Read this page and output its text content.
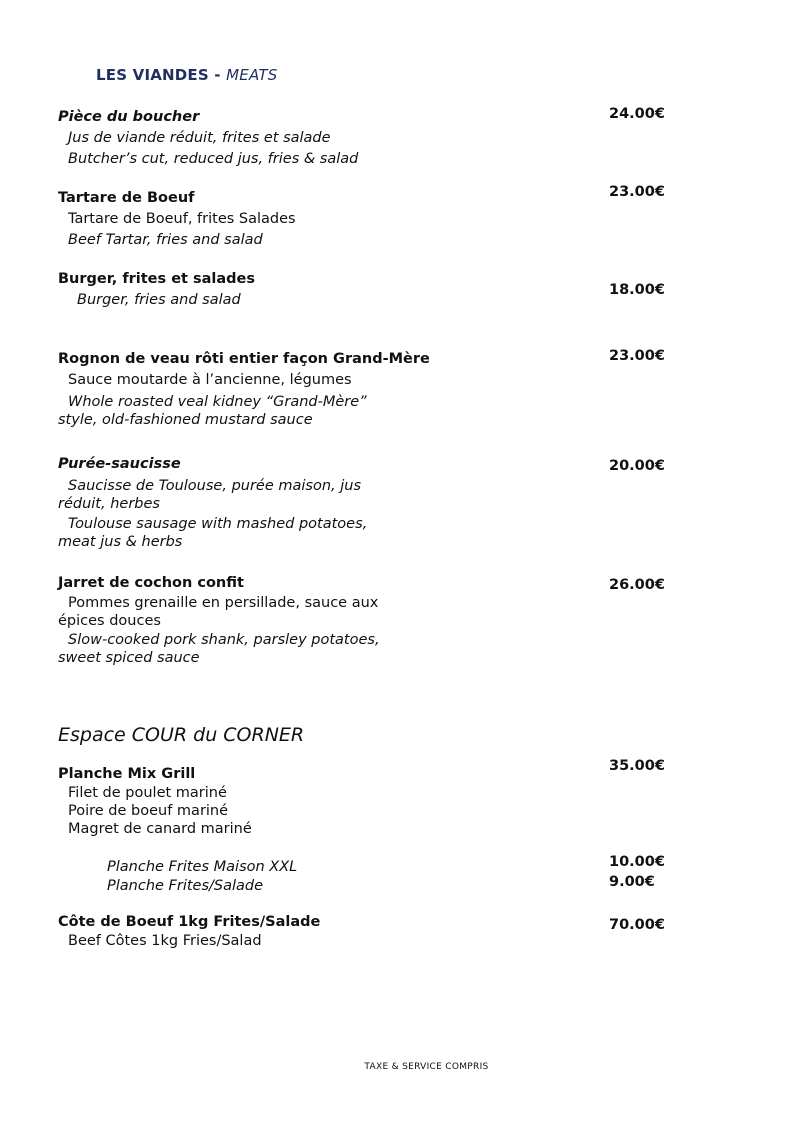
LES VIANDES - MEATS
Pièce du boucher
Jus de viande réduit, frites et salade
Butcher’s cut, reduced jus, fries & salad
24.00€
Tartare de Boeuf
Tartare de Boeuf, frites Salades
Beef Tartar, fries and salad
23.00€
Burger, frites et salades
Burger, fries and salad
18.00€
Rognon de veau rôti entier façon Grand-Mère
Sauce moutarde à l’ancienne, légumes
Whole roasted veal kidney “Grand-Mère” style, old-fashioned mustard sauce
23.00€
Purée-saucisse
Saucisse de Toulouse, purée maison, jus réduit, herbes
Toulouse sausage with mashed potatoes, meat jus & herbs
20.00€
Jarret de cochon confit
Pommes grenaille en persillade, sauce aux épices douces
Slow-cooked pork shank, parsley potatoes, sweet spiced sauce
26.00€
Espace COUR du CORNER
Planche Mix Grill
Filet de poulet mariné
Poire de boeuf mariné
Magret de canard mariné
35.00€
Planche Frites Maison XXL
Planche Frites/Salade
10.00€
9.00€
Côte de Boeuf 1kg Frites/Salade
Beef Côtes 1kg Fries/Salad
70.00€
TAXE & SERVICE COMPRIS
